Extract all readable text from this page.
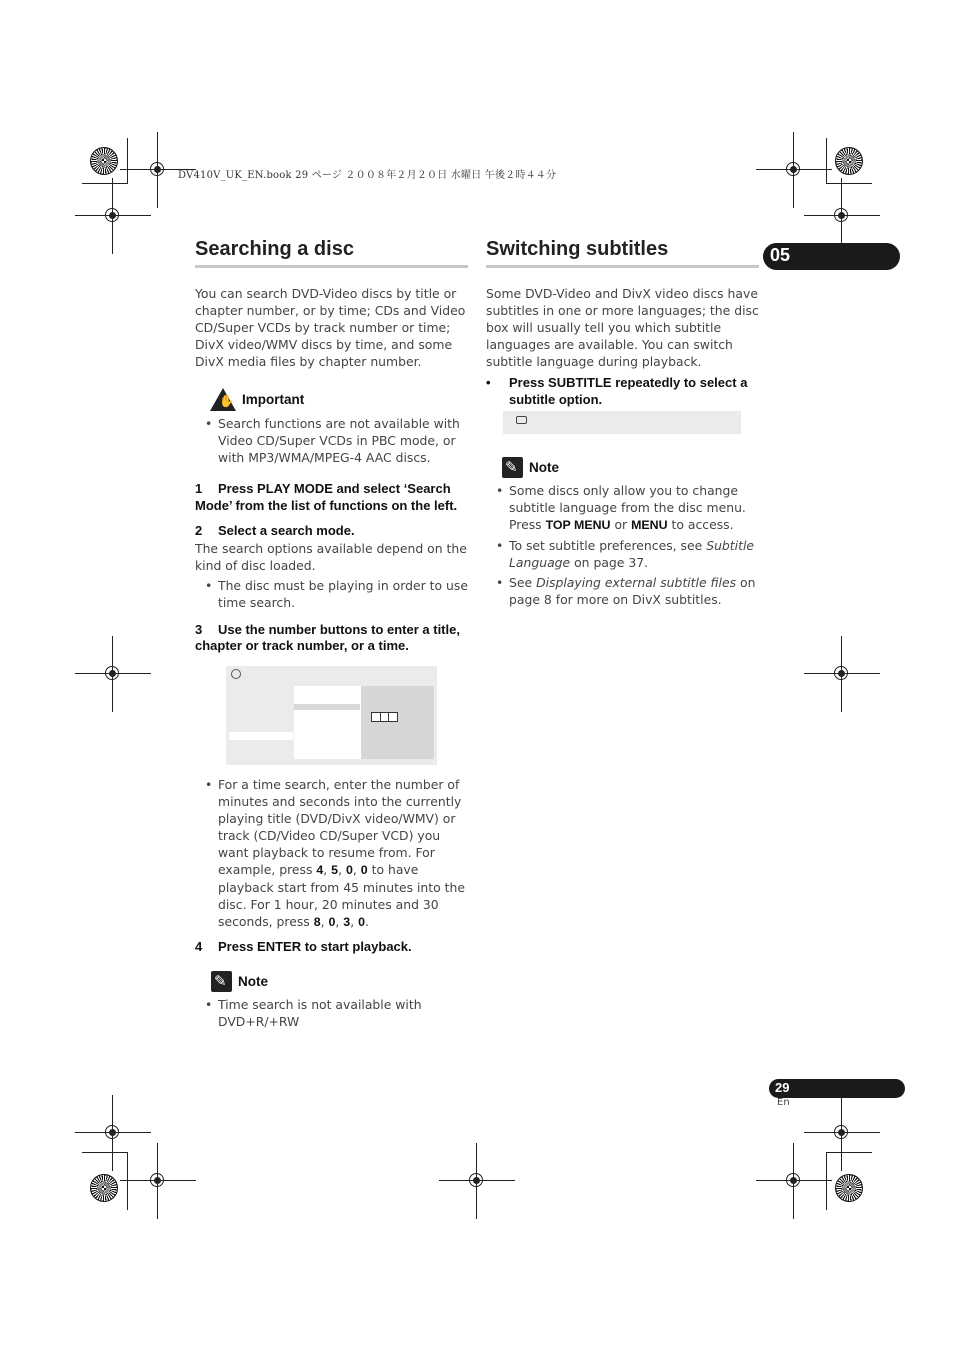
DV410V_UK_EN.book 29 ページ ２００８年２月２０日 水曜日 午後２時４４分
05
Searching a disc

You can search DVD-Video discs by title or chapter number, or by time; CDs and Video CD/Super VCDs by track number or time; DivX video/WMV discs by time, and some DivX media files by chapter number.

✋ Important
• Search functions are not available with Video CD/Super VCDs in PBC mode, or with MP3/WMA/MPEG-4 AAC discs.
1 Press PLAY MODE and select ‘Search Mode’ from the list of functions on the left.
2 Select a search mode.

The search options available depend on the kind of disc loaded.

• The disc must be playing in order to use time search.
3 Use the number buttons to enter a title, chapter or track number, or a time.
• For a time search, enter the number of minutes and seconds into the currently playing title (DVD/DivX video/WMV) or track (CD/Video CD/Super VCD) you want playback to resume from. For example, press 4, 5, 0, 0 to have playback start from 45 minutes into the disc. For 1 hour, 20 minutes and 30 seconds, press 8, 0, 3, 0.
4 Press ENTER to start playback.
✎
Note
• Time search is not available with DVD+R/+RW
Switching subtitles

Some DVD-Video and DivX video discs have subtitles in one or more languages; the disc box will usually tell you which subtitle languages are available. You can switch subtitle language during playback.

•	Press SUBTITLE repeatedly to select a subtitle option.
✎
Note
• Some discs only allow you to change subtitle language from the disc menu. Press TOP MENU or MENU to access.
• To set subtitle preferences, see Subtitle Language on page 37.
• See Displaying external subtitle files on page 8 for more on DivX subtitles.
29
En
